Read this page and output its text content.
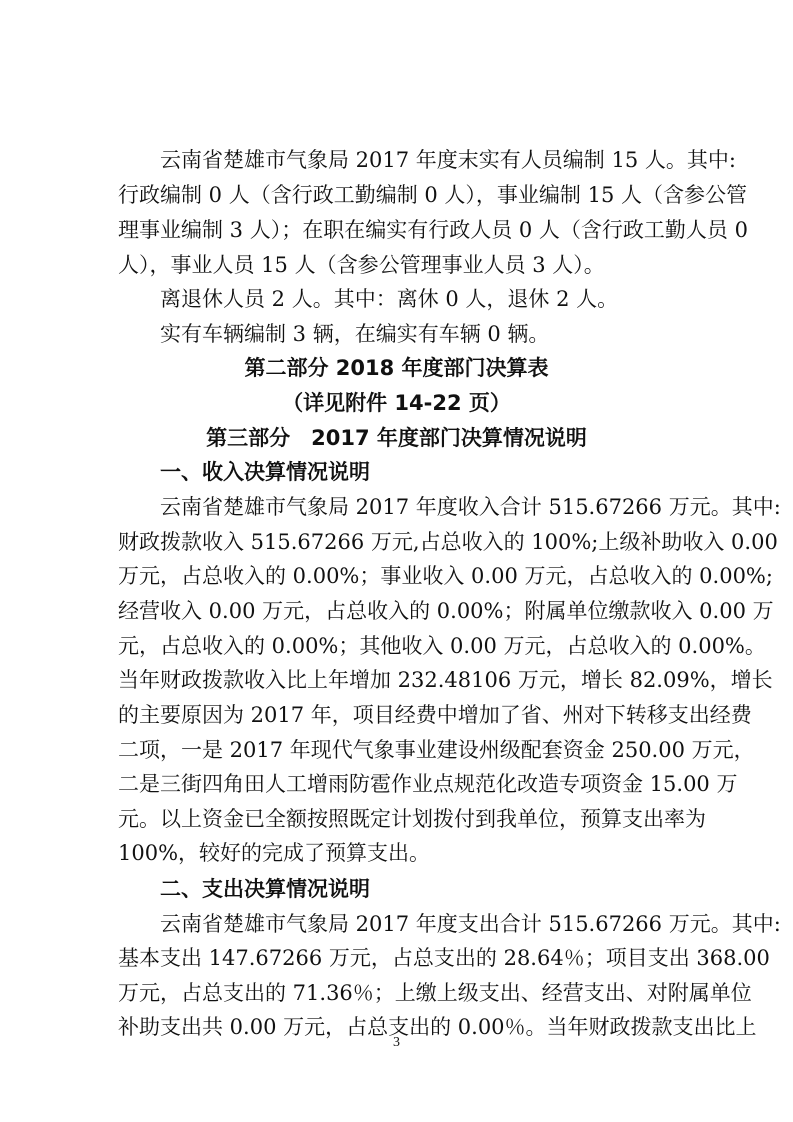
云南省楚雄市气象局 2017 年度末实有人员编制 15 人。其中:
行政编制 0 人（含行政工勤编制 0 人），事业编制 15 人（含参公管
理事业编制 3 人）；在职在编实有行政人员 0 人（含行政工勤人员 0
人），事业人员 15 人（含参公管理事业人员 3 人）。
离退休人员 2 人。其中：离休 0 人，退休 2 人。
实有车辆编制 3 辆，在编实有车辆 0 辆。
第二部分 2018 年度部门决算表
（详见附件 14-22 页）
第三部分　2017 年度部门决算情况说明
一、收入决算情况说明
云南省楚雄市气象局 2017 年度收入合计 515.67266 万元。其中:
财政拨款收入 515.67266 万元,占总收入的 100%;上级补助收入 0.00
万元，占总收入的 0.00%；事业收入 0.00 万元，占总收入的 0.00%;
经营收入 0.00 万元，占总收入的 0.00%；附属单位缴款收入 0.00 万
元，占总收入的 0.00%；其他收入 0.00 万元，占总收入的 0.00%。
当年财政拨款收入比上年增加 232.48106 万元，增长 82.09%，增长
的主要原因为 2017 年，项目经费中增加了省、州对下转移支出经费
二项，一是 2017 年现代气象事业建设州级配套资金 250.00 万元，
二是三街四角田人工增雨防雹作业点规范化改造专项资金 15.00 万
元。以上资金已全额按照既定计划拨付到我单位，预算支出率为
100%，较好的完成了预算支出。
二、支出决算情况说明
云南省楚雄市气象局 2017 年度支出合计 515.67266 万元。其中:
基本支出 147.67266 万元，占总支出的 28.64％；项目支出 368.00
万元，占总支出的 71.36％；上缴上级支出、经营支出、对附属单位
补助支出共 0.00 万元，占总支出的 0.00％。当年财政拨款支出比上
3
